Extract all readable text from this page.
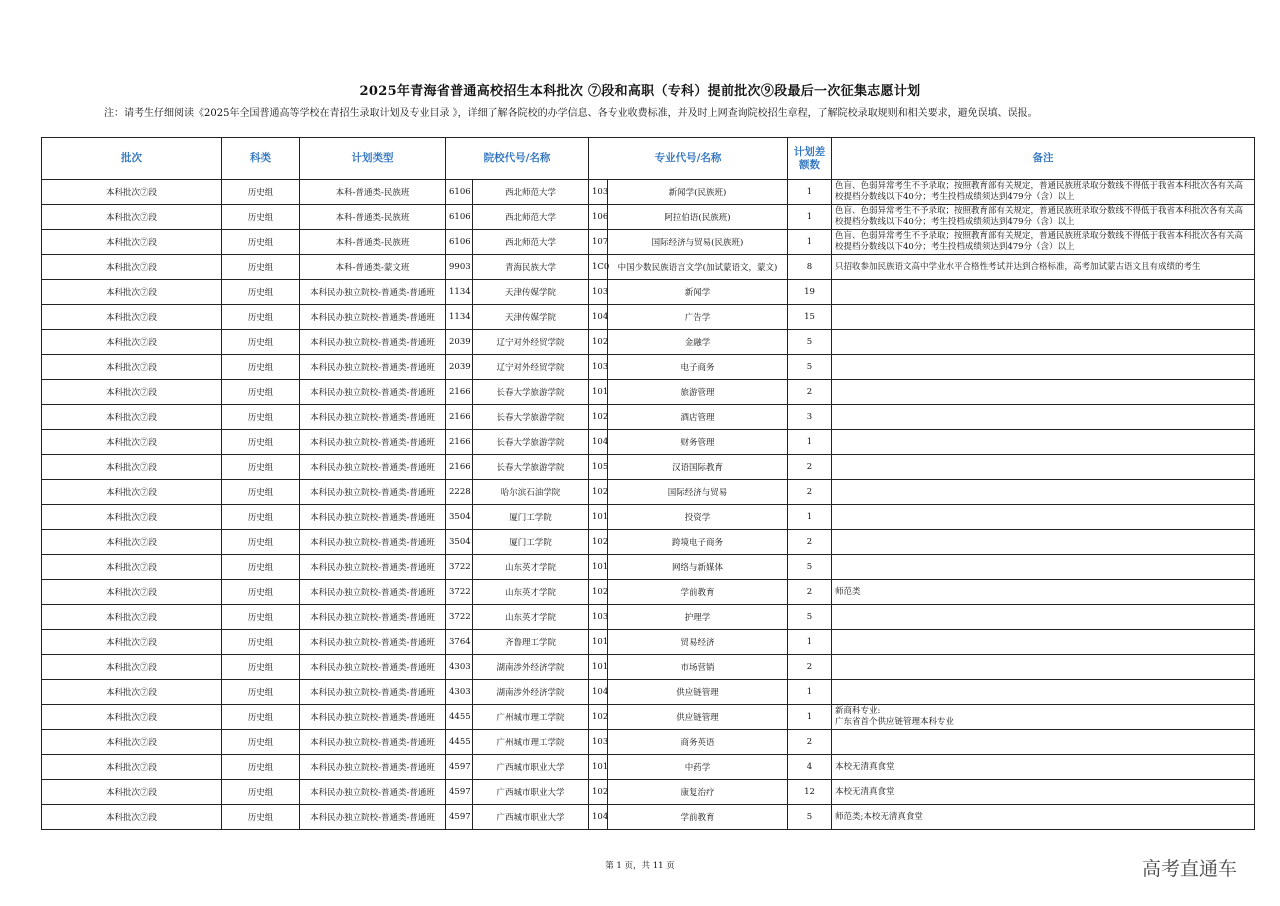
2025年青海省普通高校招生本科批次 ⑦段和高职（专科）提前批次⑨段最后一次征集志愿计划
注：请考生仔细阅读《2025年全国普通高等学校在青招生录取计划及专业目录 》，详细了解各院校的办学信息、各专业收费标准，并及时上网查询院校招生章程，了解院校录取规则和相关要求，避免误填、误报。
批次	科类	计划类型	院校代号/名称		专业代号/名称		计划差额数	备注
本科批次⑦段	历史组	本科-普通类-民族班	6106	西北师范大学	103	新闻学(民族班)	1	色盲、色弱异常考生不予录取；按照教育部有关规定，普通民族班录取分数线不得低于我省本科批次各有关高校提档分数线以下40分；考生投档成绩须达到479分（含）以上
本科批次⑦段	历史组	本科-普通类-民族班	6106	西北师范大学	106	阿拉伯语(民族班)	1	色盲、色弱异常考生不予录取；按照教育部有关规定，普通民族班录取分数线不得低于我省本科批次各有关高校提档分数线以下40分；考生投档成绩须达到479分（含）以上
本科批次⑦段	历史组	本科-普通类-民族班	6106	西北师范大学	107	国际经济与贸易(民族班)	1	色盲、色弱异常考生不予录取；按照教育部有关规定，普通民族班录取分数线不得低于我省本科批次各有关高校提档分数线以下40分；考生投档成绩须达到479分（含）以上
本科批次⑦段	历史组	本科-普通类-蒙文班	9903	青海民族大学	1C0	中国少数民族语言文学(加试蒙语文，蒙文)	8	只招收参加民族语文高中学业水平合格性考试并达到合格标准，高考加试蒙古语文且有成绩的考生
本科批次⑦段	历史组	本科民办独立院校-普通类-普通班	1134	天津传媒学院	103	新闻学	19	
本科批次⑦段	历史组	本科民办独立院校-普通类-普通班	1134	天津传媒学院	104	广告学	15	
本科批次⑦段	历史组	本科民办独立院校-普通类-普通班	2039	辽宁对外经贸学院	102	金融学	5	
本科批次⑦段	历史组	本科民办独立院校-普通类-普通班	2039	辽宁对外经贸学院	103	电子商务	5	
本科批次⑦段	历史组	本科民办独立院校-普通类-普通班	2166	长春大学旅游学院	101	旅游管理	2	
本科批次⑦段	历史组	本科民办独立院校-普通类-普通班	2166	长春大学旅游学院	102	酒店管理	3	
本科批次⑦段	历史组	本科民办独立院校-普通类-普通班	2166	长春大学旅游学院	104	财务管理	1	
本科批次⑦段	历史组	本科民办独立院校-普通类-普通班	2166	长春大学旅游学院	105	汉语国际教育	2	
本科批次⑦段	历史组	本科民办独立院校-普通类-普通班	2228	哈尔滨石油学院	102	国际经济与贸易	2	
本科批次⑦段	历史组	本科民办独立院校-普通类-普通班	3504	厦门工学院	101	投资学	1	
本科批次⑦段	历史组	本科民办独立院校-普通类-普通班	3504	厦门工学院	102	跨境电子商务	2	
本科批次⑦段	历史组	本科民办独立院校-普通类-普通班	3722	山东英才学院	101	网络与新媒体	5	
本科批次⑦段	历史组	本科民办独立院校-普通类-普通班	3722	山东英才学院	102	学前教育	2	师范类
本科批次⑦段	历史组	本科民办独立院校-普通类-普通班	3722	山东英才学院	103	护理学	5	
本科批次⑦段	历史组	本科民办独立院校-普通类-普通班	3764	齐鲁理工学院	101	贸易经济	1	
本科批次⑦段	历史组	本科民办独立院校-普通类-普通班	4303	湖南涉外经济学院	101	市场营销	2	
本科批次⑦段	历史组	本科民办独立院校-普通类-普通班	4303	湖南涉外经济学院	104	供应链管理	1	
本科批次⑦段	历史组	本科民办独立院校-普通类-普通班	4455	广州城市理工学院	102	供应链管理	1	新商科专业:
广东省首个供应链管理本科专业
本科批次⑦段	历史组	本科民办独立院校-普通类-普通班	4455	广州城市理工学院	103	商务英语	2	
本科批次⑦段	历史组	本科民办独立院校-普通类-普通班	4597	广西城市职业大学	101	中药学	4	本校无清真食堂
本科批次⑦段	历史组	本科民办独立院校-普通类-普通班	4597	广西城市职业大学	102	康复治疗	12	本校无清真食堂
本科批次⑦段	历史组	本科民办独立院校-普通类-普通班	4597	广西城市职业大学	104	学前教育	5	师范类;本校无清真食堂
第 1 页，共 11 页	高考直通车
